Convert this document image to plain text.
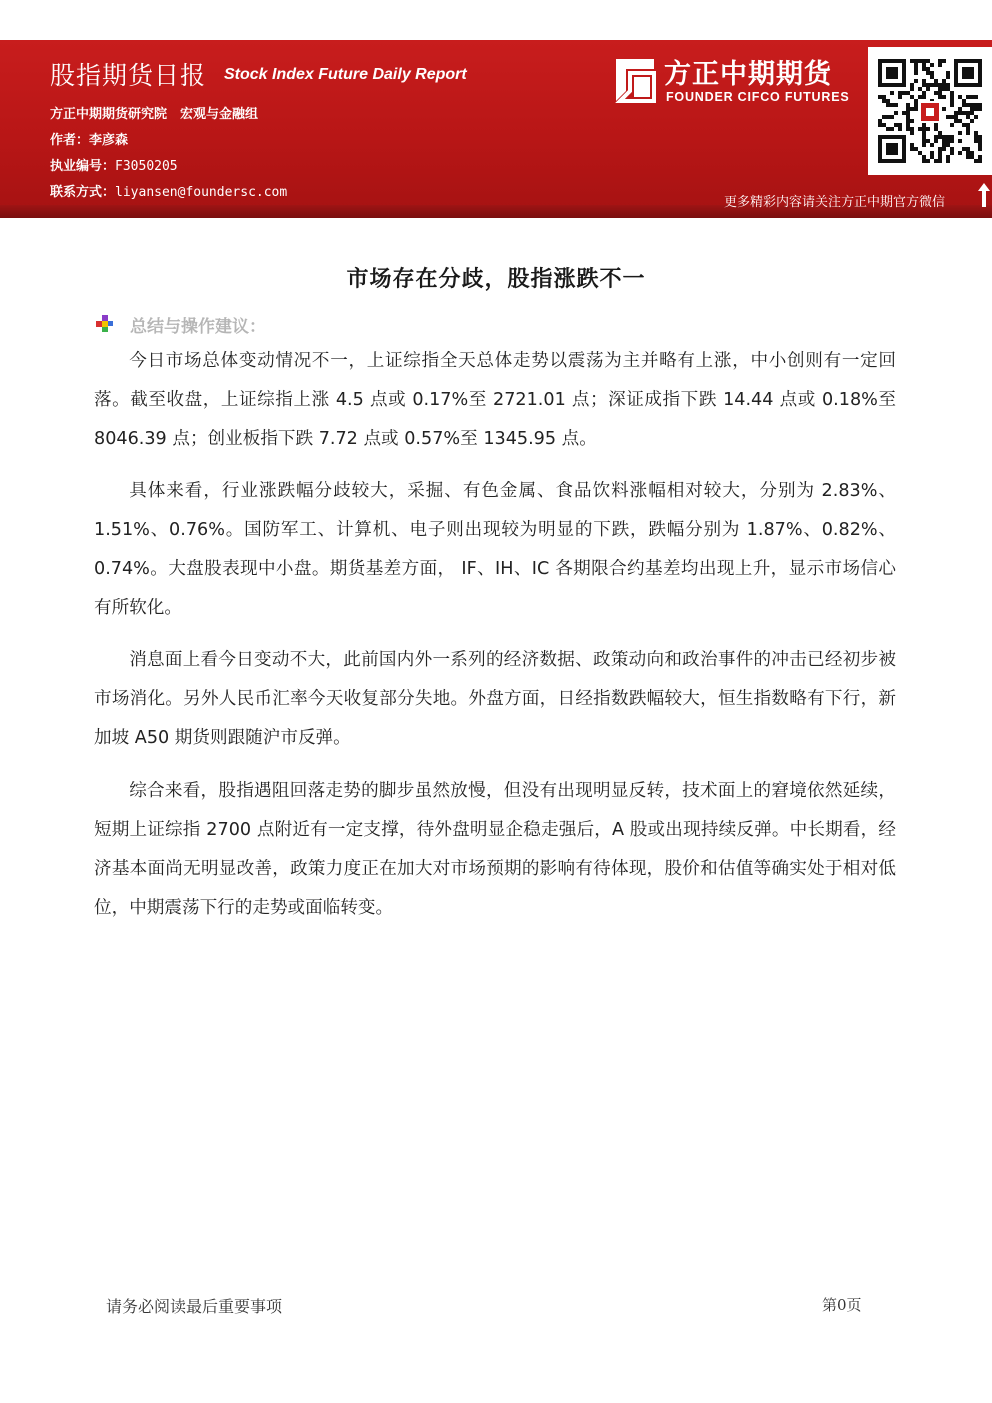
股指期货日报 Stock Index Future Daily Report
方正中期期货研究院　宏观与金融组
作者：李彦森
执业编号：F3050205
联系方式：liyansen@foundersc.com
方正中期期货
FOUNDER CIFCO FUTURES
更多精彩内容请关注方正中期官方微信
市场存在分歧，股指涨跌不一
总结与操作建议：

今日市场总体变动情况不一，上证综指全天总体走势以震荡为主并略有上涨，中小创则有一定回落。截至收盘，上证综指上涨 4.5 点或 0.17%至 2721.01 点；深证成指下跌 14.44 点或 0.18%至 8046.39 点；创业板指下跌 7.72 点或 0.57%至 1345.95 点。

具体来看，行业涨跌幅分歧较大，采掘、有色金属、食品饮料涨幅相对较大，分别为 2.83%、1.51%、0.76%。国防军工、计算机、电子则出现较为明显的下跌，跌幅分别为 1.87%、0.82%、0.74%。大盘股表现中小盘。期货基差方面， IF、IH、IC 各期限合约基差均出现上升，显示市场信心有所软化。

消息面上看今日变动不大，此前国内外一系列的经济数据、政策动向和政治事件的冲击已经初步被市场消化。另外人民币汇率今天收复部分失地。外盘方面，日经指数跌幅较大，恒生指数略有下行，新加坡 A50 期货则跟随沪市反弹。

综合来看，股指遇阻回落走势的脚步虽然放慢，但没有出现明显反转，技术面上的窘境依然延续，短期上证综指 2700 点附近有一定支撑，待外盘明显企稳走强后，A 股或出现持续反弹。中长期看，经济基本面尚无明显改善，政策力度正在加大对市场预期的影响有待体现，股价和估值等确实处于相对低位，中期震荡下行的走势或面临转变。

请务必阅读最后重要事项	第0页
